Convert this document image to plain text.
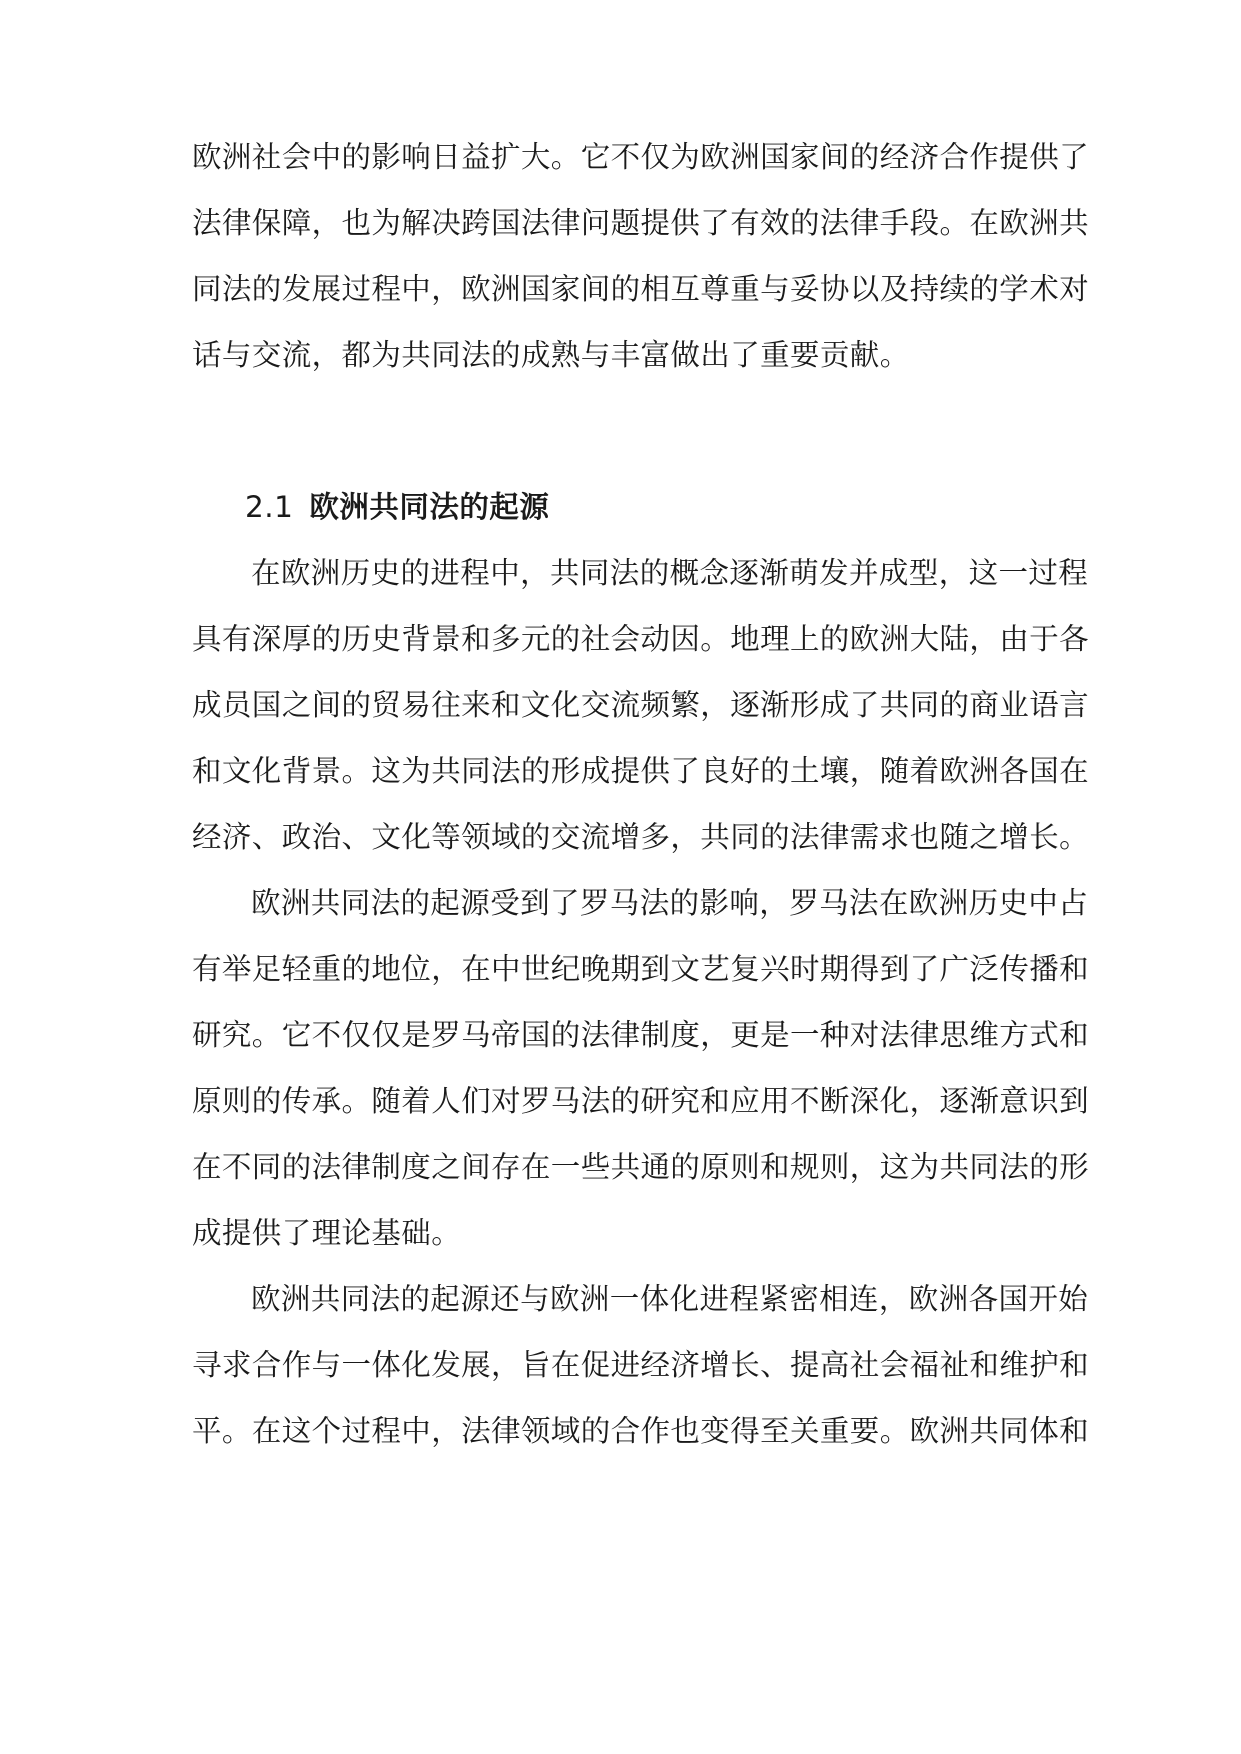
欧洲社会中的影响日益扩大。它不仅为欧洲国家间的经济合作提供了
法律保障，也为解决跨国法律问题提供了有效的法律手段。在欧洲共
同法的发展过程中，欧洲国家间的相互尊重与妥协以及持续的学术对
话与交流，都为共同法的成熟与丰富做出了重要贡献。
2.1 欧洲共同法的起源
在欧洲历史的进程中，共同法的概念逐渐萌发并成型，这一过程
具有深厚的历史背景和多元的社会动因。地理上的欧洲大陆，由于各
成员国之间的贸易往来和文化交流频繁，逐渐形成了共同的商业语言
和文化背景。这为共同法的形成提供了良好的土壤，随着欧洲各国在
经济、政治、文化等领域的交流增多，共同的法律需求也随之增长。
欧洲共同法的起源受到了罗马法的影响，罗马法在欧洲历史中占
有举足轻重的地位，在中世纪晚期到文艺复兴时期得到了广泛传播和
研究。它不仅仅是罗马帝国的法律制度，更是一种对法律思维方式和
原则的传承。随着人们对罗马法的研究和应用不断深化，逐渐意识到
在不同的法律制度之间存在一些共通的原则和规则，这为共同法的形
成提供了理论基础。
欧洲共同法的起源还与欧洲一体化进程紧密相连，欧洲各国开始
寻求合作与一体化发展，旨在促进经济增长、提高社会福祉和维护和
平。在这个过程中，法律领域的合作也变得至关重要。欧洲共同体和
